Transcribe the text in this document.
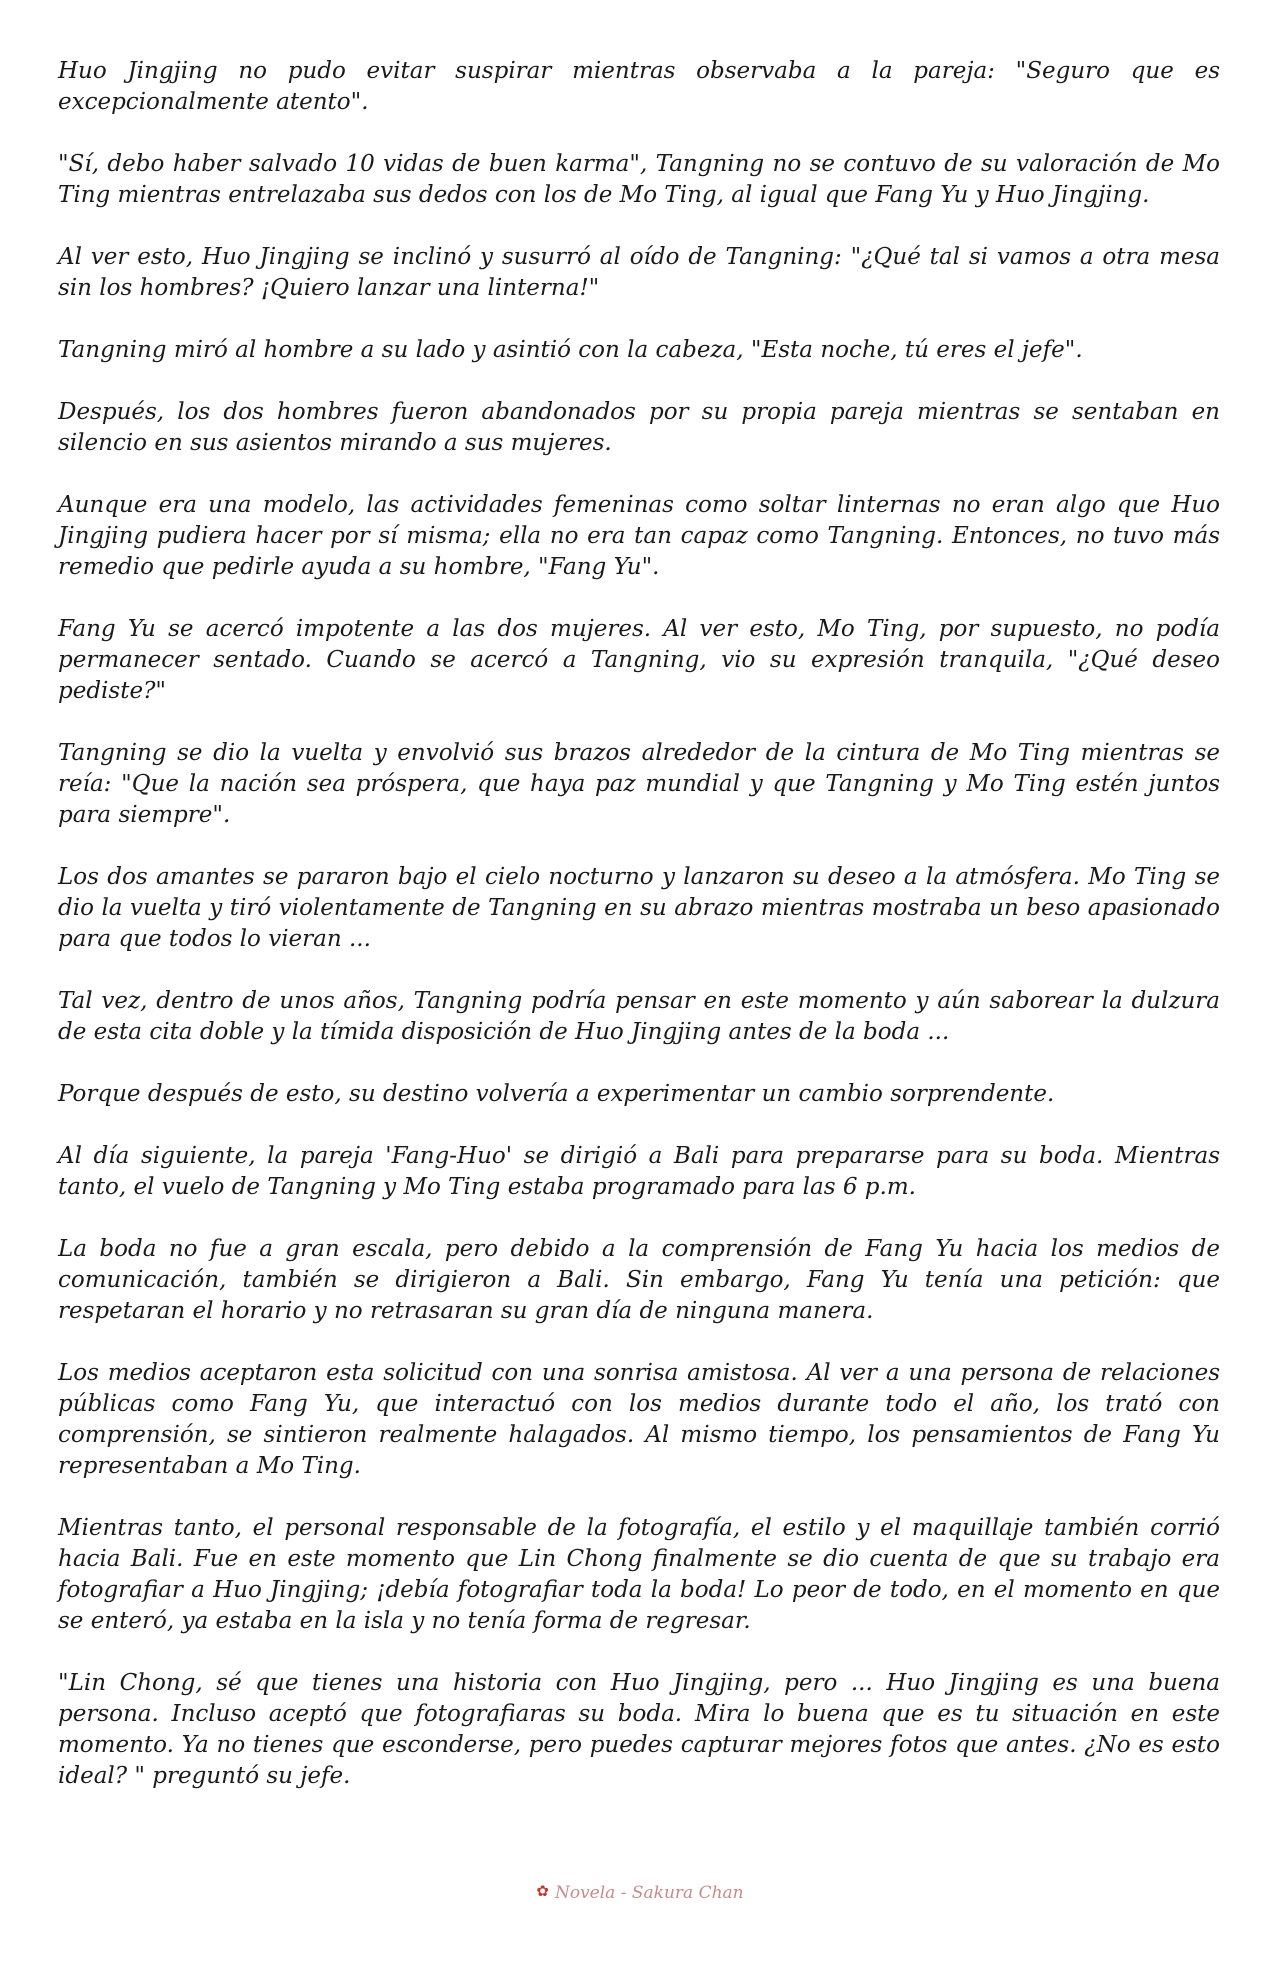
Huo Jingjing no pudo evitar suspirar mientras observaba a la pareja: "Seguro que es excepcionalmente atento".

"Sí, debo haber salvado 10 vidas de buen karma", Tangning no se contuvo de su valoración de Mo Ting mientras entrelazaba sus dedos con los de Mo Ting, al igual que Fang Yu y Huo Jingjing.

Al ver esto, Huo Jingjing se inclinó y susurró al oído de Tangning: "¿Qué tal si vamos a otra mesa sin los hombres? ¡Quiero lanzar una linterna!"

Tangning miró al hombre a su lado y asintió con la cabeza, "Esta noche, tú eres el jefe".

Después, los dos hombres fueron abandonados por su propia pareja mientras se sentaban en silencio en sus asientos mirando a sus mujeres.

Aunque era una modelo, las actividades femeninas como soltar linternas no eran algo que Huo Jingjing pudiera hacer por sí misma; ella no era tan capaz como Tangning. Entonces, no tuvo más remedio que pedirle ayuda a su hombre, "Fang Yu".

Fang Yu se acercó impotente a las dos mujeres. Al ver esto, Mo Ting, por supuesto, no podía permanecer sentado. Cuando se acercó a Tangning, vio su expresión tranquila, "¿Qué deseo pediste?"

Tangning se dio la vuelta y envolvió sus brazos alrededor de la cintura de Mo Ting mientras se reía: "Que la nación sea próspera, que haya paz mundial y que Tangning y Mo Ting estén juntos para siempre".

Los dos amantes se pararon bajo el cielo nocturno y lanzaron su deseo a la atmósfera. Mo Ting se dio la vuelta y tiró violentamente de Tangning en su abrazo mientras mostraba un beso apasionado para que todos lo vieran ...

Tal vez, dentro de unos años, Tangning podría pensar en este momento y aún saborear la dulzura de esta cita doble y la tímida disposición de Huo Jingjing antes de la boda ...

Porque después de esto, su destino volvería a experimentar un cambio sorprendente.

Al día siguiente, la pareja 'Fang-Huo' se dirigió a Bali para prepararse para su boda. Mientras tanto, el vuelo de Tangning y Mo Ting estaba programado para las 6 p.m.

La boda no fue a gran escala, pero debido a la comprensión de Fang Yu hacia los medios de comunicación, también se dirigieron a Bali. Sin embargo, Fang Yu tenía una petición: que respetaran el horario y no retrasaran su gran día de ninguna manera.

Los medios aceptaron esta solicitud con una sonrisa amistosa. Al ver a una persona de relaciones públicas como Fang Yu, que interactuó con los medios durante todo el año, los trató con comprensión, se sintieron realmente halagados. Al mismo tiempo, los pensamientos de Fang Yu representaban a Mo Ting.

Mientras tanto, el personal responsable de la fotografía, el estilo y el maquillaje también corrió hacia Bali. Fue en este momento que Lin Chong finalmente se dio cuenta de que su trabajo era fotografiar a Huo Jingjing; ¡debía fotografiar toda la boda! Lo peor de todo, en el momento en que se enteró, ya estaba en la isla y no tenía forma de regresar.

"Lin Chong, sé que tienes una historia con Huo Jingjing, pero ... Huo Jingjing es una buena persona. Incluso aceptó que fotografiaras su boda. Mira lo buena que es tu situación en este momento. Ya no tienes que esconderse, pero puedes capturar mejores fotos que antes. ¿No es esto ideal? " preguntó su jefe.

✿ Novela - Sakura Chan
